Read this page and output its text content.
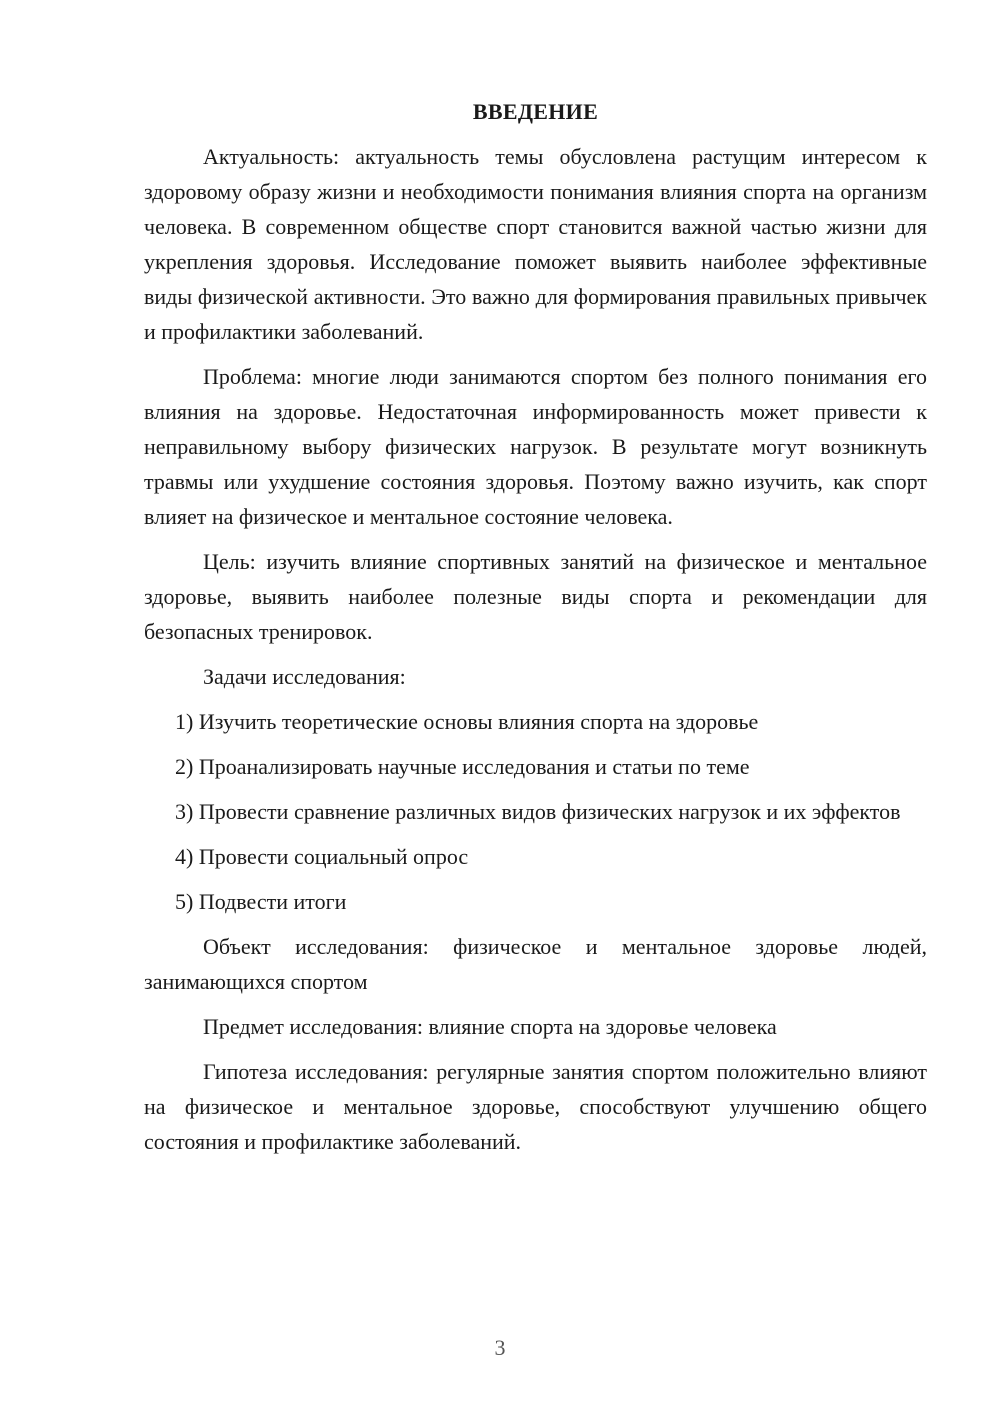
ВВЕДЕНИЕ

Актуальность: актуальность темы обусловлена растущим интересом к здоровому образу жизни и необходимости понимания влияния спорта на организм человека. В современном обществе спорт становится важной частью жизни для укрепления здоровья. Исследование поможет выявить наиболее эффективные виды физической активности. Это важно для формирования правильных привычек и профилактики заболеваний.

Проблема: многие люди занимаются спортом без полного понимания его влияния на здоровье. Недостаточная информированность может привести к неправильному выбору физических нагрузок. В результате могут возникнуть травмы или ухудшение состояния здоровья. Поэтому важно изучить, как спорт влияет на физическое и ментальное состояние человека.

Цель: изучить влияние спортивных занятий на физическое и ментальное здоровье, выявить наиболее полезные виды спорта и рекомендации для безопасных тренировок.

Задачи исследования:

1) Изучить теоретические основы влияния спорта на здоровье

2) Проанализировать научные исследования и статьи по теме

3) Провести сравнение различных видов физических нагрузок и их эффектов

4) Провести социальный опрос

5) Подвести итоги

Объект исследования: физическое и ментальное здоровье людей, занимающихся спортом

Предмет исследования: влияние спорта на здоровье человека

Гипотеза исследования: регулярные занятия спортом положительно влияют на физическое и ментальное здоровье, способствуют улучшению общего состояния и профилактике заболеваний.

3
